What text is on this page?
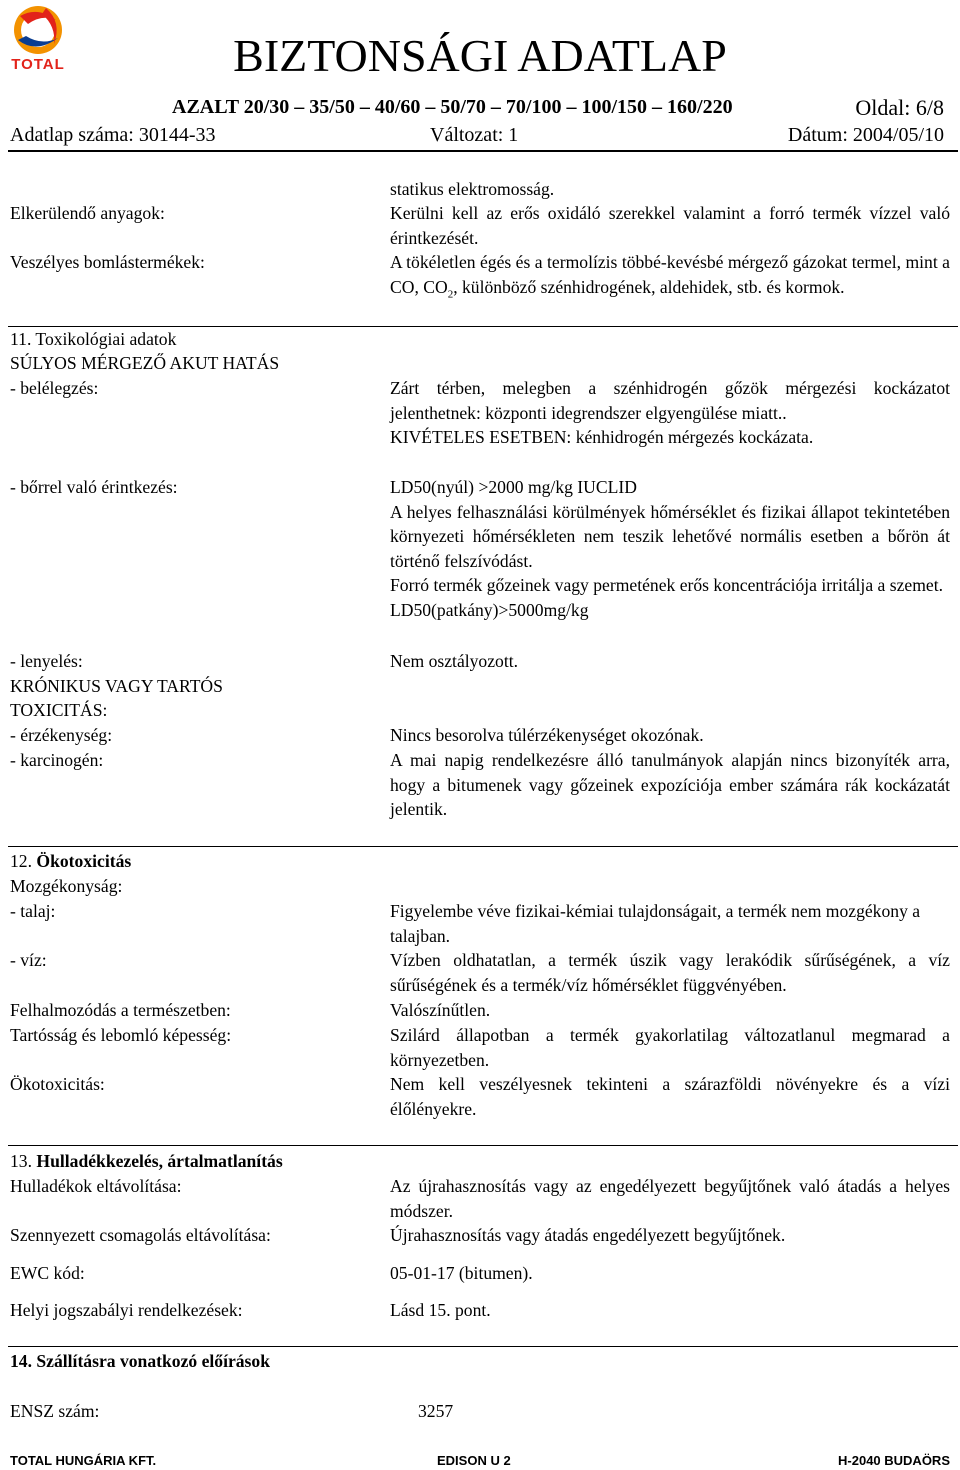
TOTAL	BIZTONSÁGI ADATLAP
AZALT 20/30 – 35/50 – 40/60 – 50/70 – 70/100 – 100/150 – 160/220	Oldal: 6/8
Adatlap száma: 30144-33	Változat: 1	Dátum: 2004/05/10
statikus elektromosság.
Elkerülendő anyagok:	Kerülni kell az erős oxidáló szerekkel valamint a forró termék vízzel való érintkezését.
Veszélyes bomlástermékek:	A tökéletlen égés és a termolízis többé-kevésbé mérgező gázokat termel, mint a CO, $CO_2$, különböző szénhidrogének, aldehidek, stb. és kormok.
11. Toxikológiai adatok
SÚLYOS MÉRGEZŐ AKUT HATÁS
- belélegzés:	Zárt térben, melegben a szénhidrogén gőzök mérgezési kockázatot jelenthetnek: központi idegrendszer elgyengülése miatt..

KIVÉTELES ESETBEN: kénhidrogén mérgezés kockázata.

- bőrrel való érintkezés:	LD50(nyúl) >2000 mg/kg IUCLID

A helyes felhasználási körülmények hőmérséklet és fizikai állapot tekintetében környezeti hőmérsékleten nem teszik lehetővé normális esetben a bőrön át történő felszívódást.

Forró termék gőzeinek vagy permetének erős koncentrációja irritálja a szemet.

LD50(patkány)>5000mg/kg

- lenyelés:	Nem osztályozott.
KRÓNIKUS VAGY TARTÓS
TOXICITÁS:
- érzékenység:	Nincs besorolva túlérzékenységet okozónak.
- karcinogén:	A mai napig rendelkezésre álló tanulmányok alapján nincs bizonyíték arra, hogy a bitumenek vagy gőzeinek expozíciója ember számára rák kockázatát jelentik.
12. Ökotoxicitás
Mozgékonyság:
- talaj:	Figyelembe véve fizikai-kémiai tulajdonságait, a termék nem mozgékony a talajban.
- víz:	Vízben oldhatatlan, a termék úszik vagy lerakódik sűrűségének, a víz sűrűségének és a termék/víz hőmérséklet függvényében.
Felhalmozódás a természetben:	Valószínűtlen.
Tartósság és lebomló képesség:	Szilárd állapotban a termék gyakorlatilag változatlanul megmarad a környezetben.
Ökotoxicitás:	Nem kell veszélyesnek tekinteni a szárazföldi növényekre és a vízi élőlényekre.
13. Hulladékkezelés, ártalmatlanítás
Hulladékok eltávolítása:	Az újrahasznosítás vagy az engedélyezett begyűjtőnek való átadás a helyes módszer.
Szennyezett csomagolás eltávolítása:	Újrahasznosítás vagy átadás engedélyezett begyűjtőnek.
EWC kód:	05-01-17 (bitumen).
Helyi jogszabályi rendelkezések:	Lásd 15. pont.
14. Szállításra vonatkozó előírások
ENSZ szám:	3257
TOTAL HUNGÁRIA KFT.	EDISON U 2	H-2040 BUDAÖRS
